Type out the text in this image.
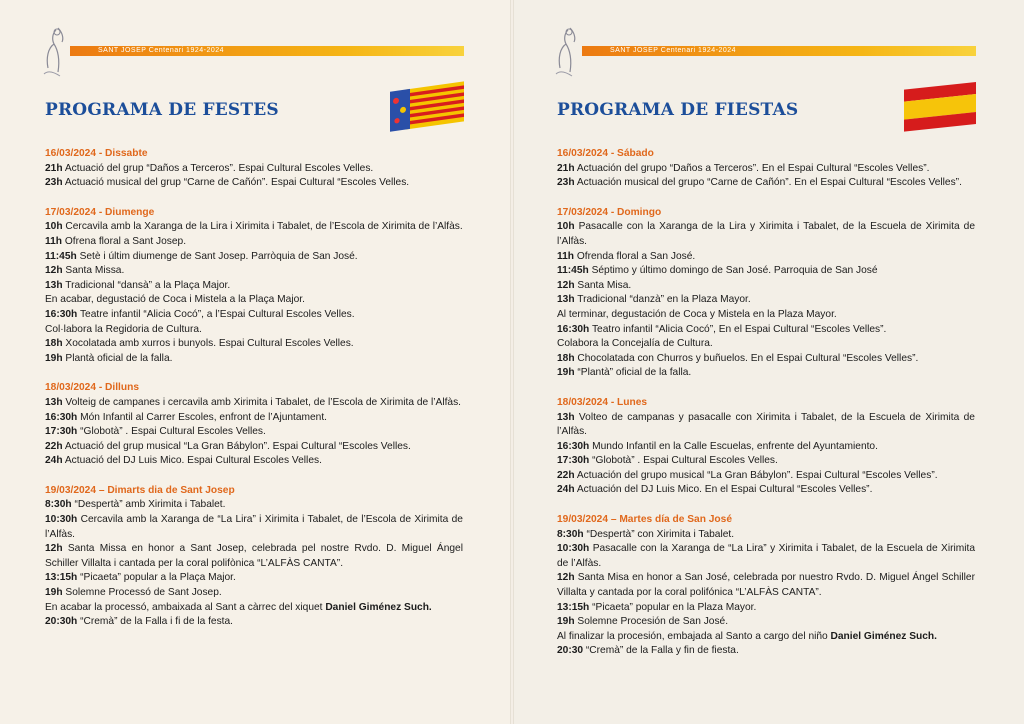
SANT JOSEP Centenari 1924-2024
PROGRAMA DE FESTES
16/03/2024 - Dissabte
21h Actuació del grup “Daños a Terceros”. Espai Cultural Escoles Velles.
23h Actuació musical del grup “Carne de Cañón”. Espai Cultural “Escoles Velles.
17/03/2024 - Diumenge
10h Cercavila amb la Xaranga de la Lira i Xirimita i Tabalet, de l’Escola de Xirimita de l’Alfàs.
11h Ofrena floral a Sant Josep.
11:45h Setè i últim diumenge de Sant Josep. Parròquia de San José.
12h Santa Missa.
13h Tradicional “dansà” a la Plaça Major.
En acabar, degustació de Coca i Mistela a la Plaça Major.
16:30h Teatre infantil “Alicia Cocó”, a l’Espai Cultural Escoles Velles.
Col·labora la Regidoria de Cultura.
18h Xocolatada amb xurros i bunyols. Espai Cultural Escoles Velles.
19h Plantà oficial de la falla.
18/03/2024 - Dilluns
13h Volteig de campanes i cercavila amb Xirimita i Tabalet, de l’Escola de Xirimita de l’Alfàs.
16:30h Món Infantil al Carrer Escoles, enfront de l’Ajuntament.
17:30h “Globotà” . Espai Cultural Escoles Velles.
22h Actuació del grup musical “La Gran Bábylon”. Espai Cultural “Escoles Velles.
24h Actuació del DJ Luis Mico. Espai Cultural Escoles Velles.
19/03/2024 – Dimarts dia de Sant Josep
8:30h “Despertà” amb Xirimita i Tabalet.
10:30h Cercavila amb la Xaranga de “La Lira” i Xirimita i Tabalet, de l’Escola de Xirimita de l’Alfàs.
12h Santa Missa en honor a Sant Josep, celebrada pel nostre Rvdo. D. Miguel Ángel Schiller Villalta i cantada per la coral polifònica “L’ALFÀS CANTA”.
13:15h “Picaeta” popular a la Plaça Major.
19h Solemne Processó de Sant Josep.
En acabar la processó, ambaixada al Sant a càrrec del xiquet Daniel Giménez Such.
20:30h “Cremà” de la Falla i fi de la festa.
SANT JOSEP Centenari 1924-2024
PROGRAMA DE FIESTAS
16/03/2024 - Sábado
21h Actuación del grupo “Daños a Terceros”. En el Espai Cultural “Escoles Velles”.
23h Actuación musical del grupo “Carne de Cañón”. En el Espai Cultural “Escoles Velles”.
17/03/2024 - Domingo
10h Pasacalle con la Xaranga de la Lira y Xirimita i Tabalet, de la Escuela de Xirimita de l’Alfàs.
11h Ofrenda floral a San José.
11:45h Séptimo y último domingo de San José. Parroquia de San José
12h Santa Misa.
13h Tradicional “danzà” en la Plaza Mayor.
Al terminar, degustación de Coca y Mistela en la Plaza Mayor.
16:30h Teatro infantil “Alicia Cocó”, En el Espai Cultural “Escoles Velles”.
Colabora la Concejalía de Cultura.
18h Chocolatada con Churros y buñuelos. En el Espai Cultural “Escoles Velles”.
19h “Plantà” oficial de la falla.
18/03/2024 - Lunes
13h Volteo de campanas y pasacalle con Xirimita i Tabalet, de la Escuela de Xirimita de l’Alfàs.
16:30h Mundo Infantil en la Calle Escuelas, enfrente del Ayuntamiento.
17:30h “Globotà” . Espai Cultural Escoles Velles.
22h Actuación del grupo musical “La Gran Bábylon”. Espai Cultural “Escoles Velles”.
24h Actuación del DJ Luis Mico. En el Espai Cultural “Escoles Velles”.
19/03/2024 – Martes día de San José
8:30h “Despertà” con Xirimita i Tabalet.
10:30h Pasacalle con la Xaranga de “La Lira” y Xirimita i Tabalet, de la Escuela de Xirimita de l’Alfàs.
12h Santa Misa en honor a San José, celebrada por nuestro Rvdo. D. Miguel Ángel Schiller Villalta y cantada por la coral polifónica “L’ALFÀS CANTA”.
13:15h “Picaeta” popular en la Plaza Mayor.
19h Solemne Procesión de San José.
Al finalizar la procesión, embajada al Santo a cargo del niño Daniel Giménez Such.
20:30 “Cremà” de la Falla y fin de fiesta.
